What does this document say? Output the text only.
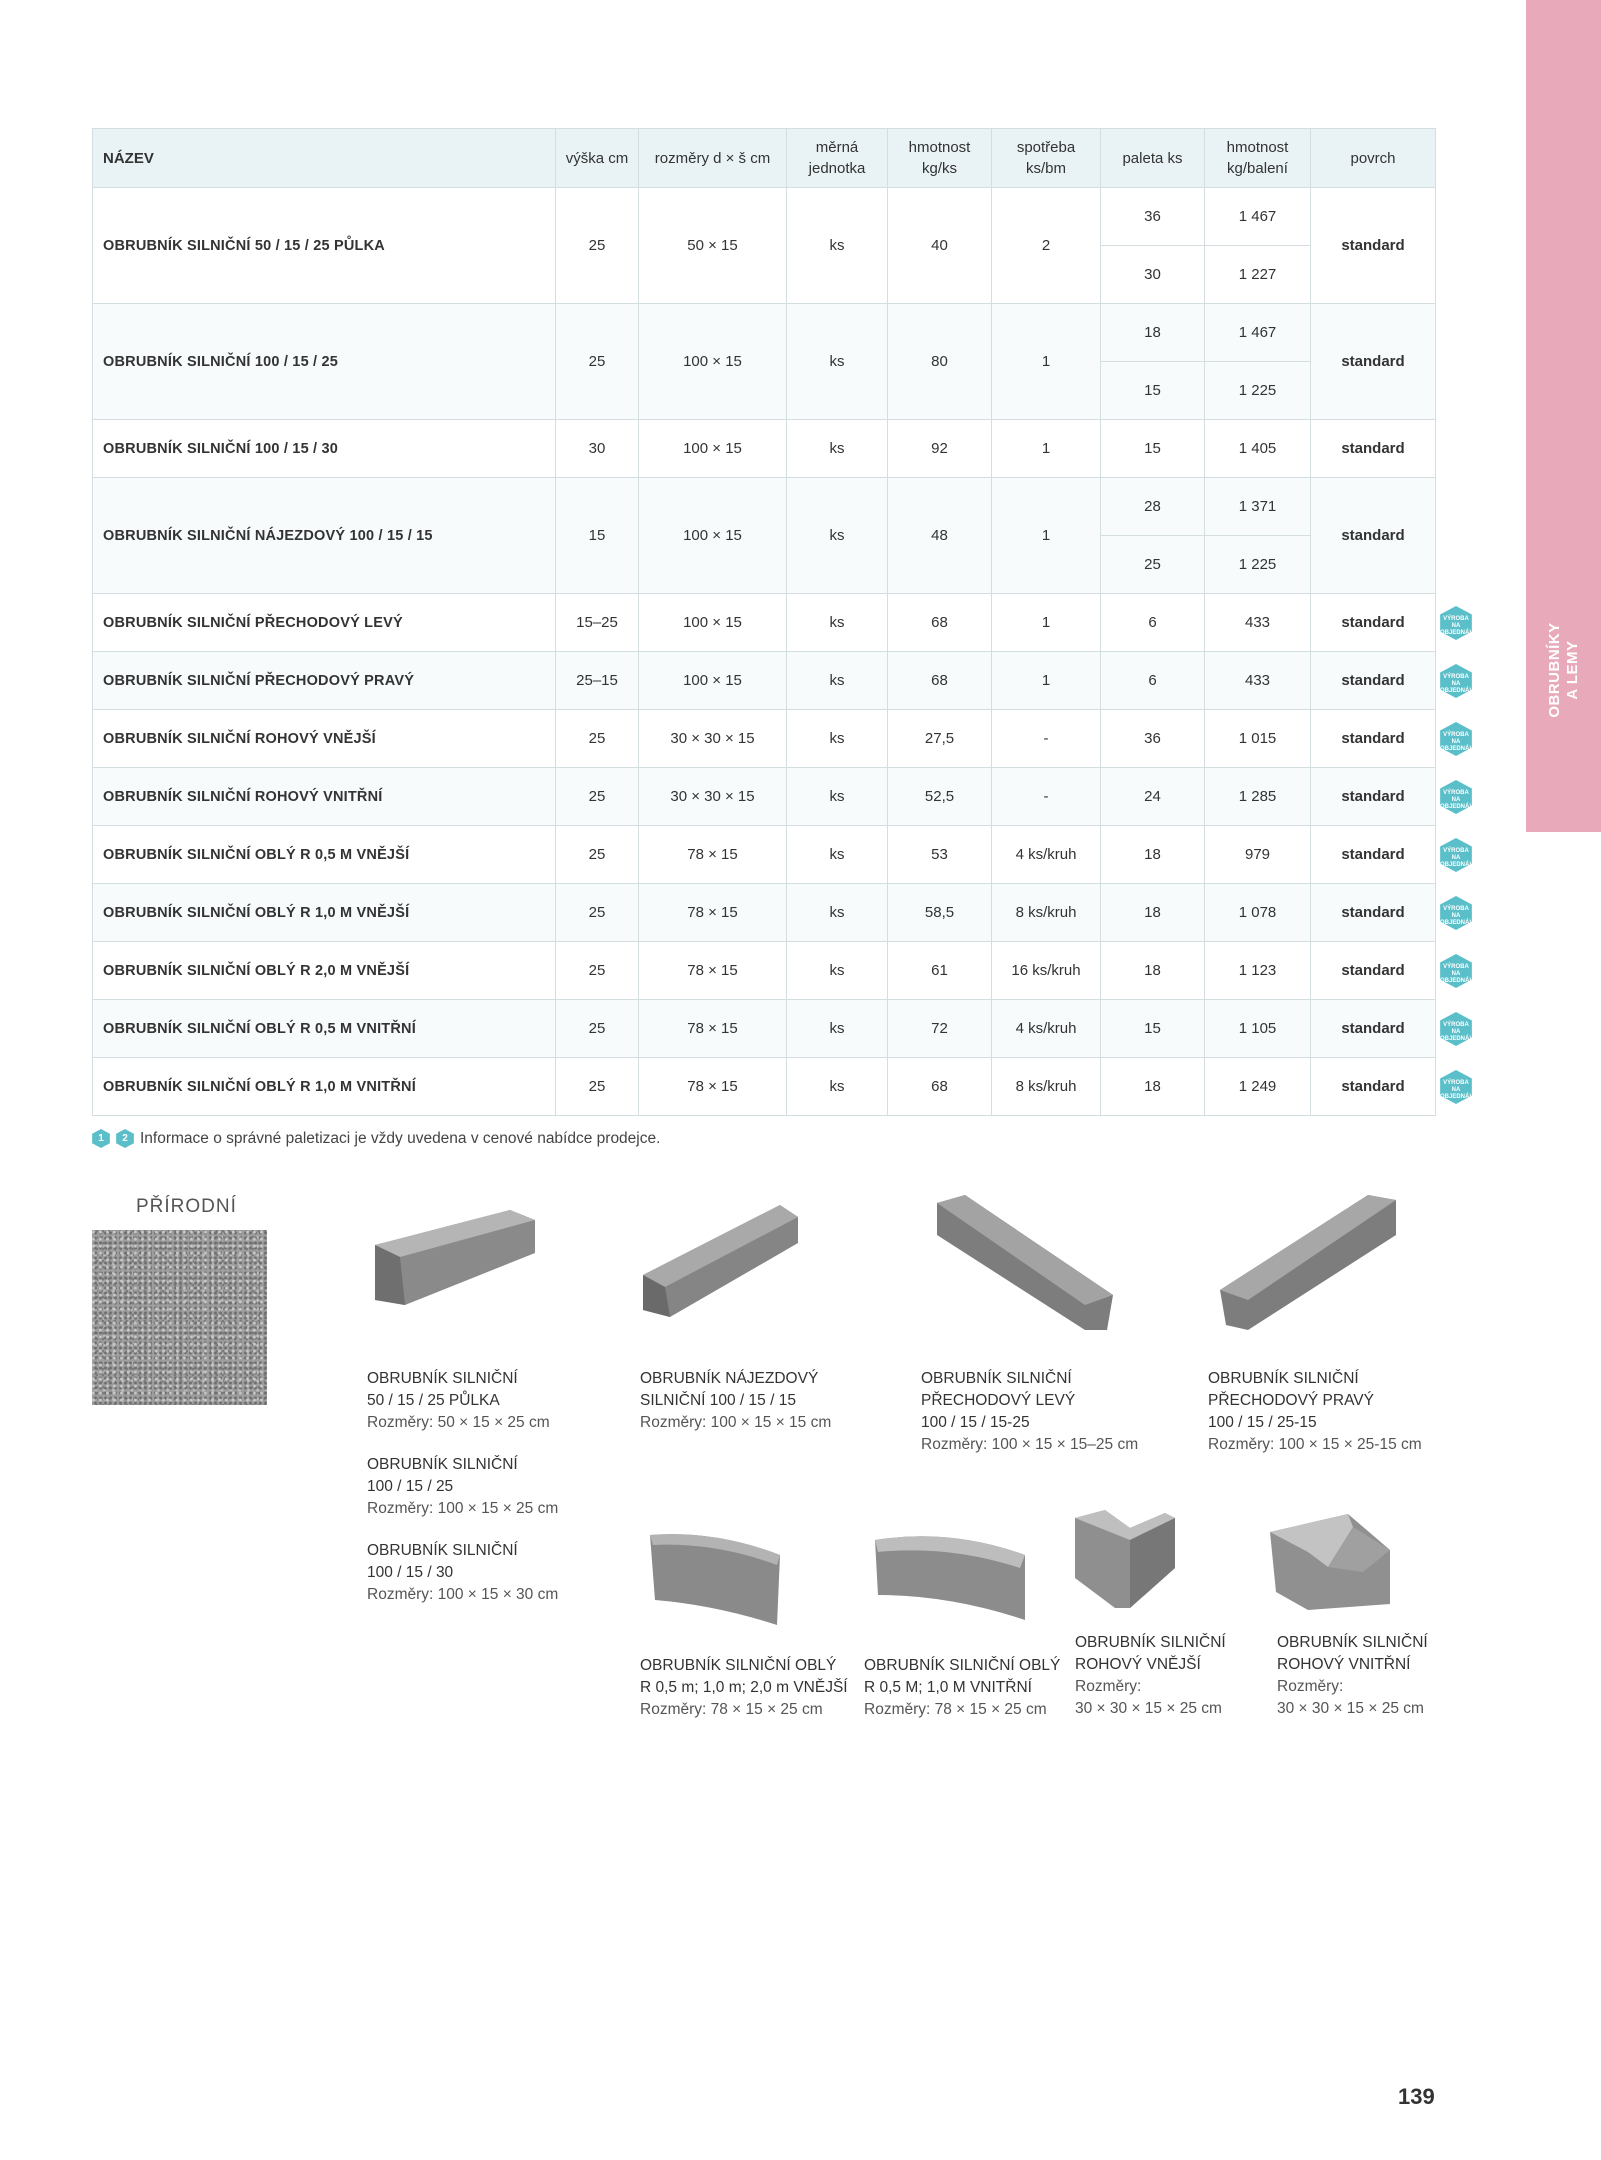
OBRUBNÍKY A LEMY
NÁZEV	výška cm	rozměry d × š cm	měrná jednotka	hmotnost kg/ks	spotřeba ks/bm	paleta ks	hmotnost kg/balení	povrch
OBRUBNÍK SILNIČNÍ 50 / 15 / 25 PŮLKA	25	50 × 15	ks	40	2	36	1 467	standard
						30	1 227	
OBRUBNÍK SILNIČNÍ 100 / 15 / 25	25	100 × 15	ks	80	1	18	1 467	standard
						15	1 225	
OBRUBNÍK SILNIČNÍ 100 / 15 / 30	30	100 × 15	ks	92	1	15	1 405	standard
OBRUBNÍK SILNIČNÍ NÁJEZDOVÝ 100 / 15 / 15	15	100 × 15	ks	48	1	28	1 371	standard
						25	1 225	
OBRUBNÍK SILNIČNÍ PŘECHODOVÝ LEVÝ	15–25	100 × 15	ks	68	1	6	433	standard
OBRUBNÍK SILNIČNÍ PŘECHODOVÝ PRAVÝ	25–15	100 × 15	ks	68	1	6	433	standard
OBRUBNÍK SILNIČNÍ ROHOVÝ VNĚJŠÍ	25	30 × 30 × 15	ks	27,5	-	36	1 015	standard
OBRUBNÍK SILNIČNÍ ROHOVÝ VNITŘNÍ	25	30 × 30 × 15	ks	52,5	-	24	1 285	standard
OBRUBNÍK SILNIČNÍ OBLÝ R 0,5 M VNĚJŠÍ	25	78 × 15	ks	53	4 ks/kruh	18	979	standard
OBRUBNÍK SILNIČNÍ OBLÝ R 1,0 M VNĚJŠÍ	25	78 × 15	ks	58,5	8 ks/kruh	18	1 078	standard
OBRUBNÍK SILNIČNÍ OBLÝ R 2,0 M VNĚJŠÍ	25	78 × 15	ks	61	16 ks/kruh	18	1 123	standard
OBRUBNÍK SILNIČNÍ OBLÝ R 0,5 M VNITŘNÍ	25	78 × 15	ks	72	4 ks/kruh	15	1 105	standard
OBRUBNÍK SILNIČNÍ OBLÝ R 1,0 M VNITŘNÍ	25	78 × 15	ks	68	8 ks/kruh	18	1 249	standard
VÝROBA NA OBJEDNÁVKU
VÝROBA NA OBJEDNÁVKU
VÝROBA NA OBJEDNÁVKU
VÝROBA NA OBJEDNÁVKU
VÝROBA NA OBJEDNÁVKU
VÝROBA NA OBJEDNÁVKU
VÝROBA NA OBJEDNÁVKU
VÝROBA NA OBJEDNÁVKU
VÝROBA NA OBJEDNÁVKU
1	2 Informace o správné paletizaci je vždy uvedena v cenové nabídce prodejce.
PŘÍRODNÍ
OBRUBNÍK SILNIČNÍ
50 / 15 / 25 PŮLKA
Rozměry: 50 × 15 × 25 cm
OBRUBNÍK SILNIČNÍ
100 / 15 / 25
Rozměry: 100 × 15 × 25 cm
OBRUBNÍK SILNIČNÍ
100 / 15 / 30
Rozměry: 100 × 15 × 30 cm
OBRUBNÍK NÁJEZDOVÝ
SILNIČNÍ 100 / 15 / 15
Rozměry: 100 × 15 × 15 cm
OBRUBNÍK SILNIČNÍ
PŘECHODOVÝ LEVÝ
100 / 15 / 15-25
Rozměry: 100 × 15 × 15–25 cm
OBRUBNÍK SILNIČNÍ
PŘECHODOVÝ PRAVÝ
100 / 15 / 25-15
Rozměry: 100 × 15 × 25-15 cm
OBRUBNÍK SILNIČNÍ OBLÝ
R 0,5 m; 1,0 m; 2,0 m VNĚJŠÍ
Rozměry: 78 × 15 × 25 cm
OBRUBNÍK SILNIČNÍ OBLÝ
R 0,5 M; 1,0 M VNITŘNÍ
Rozměry: 78 × 15 × 25 cm
OBRUBNÍK SILNIČNÍ
ROHOVÝ VNĚJŠÍ
Rozměry:
30 × 30 × 15 × 25 cm
OBRUBNÍK SILNIČNÍ
ROHOVÝ VNITŘNÍ
Rozměry:
30 × 30 × 15 × 25 cm
139
